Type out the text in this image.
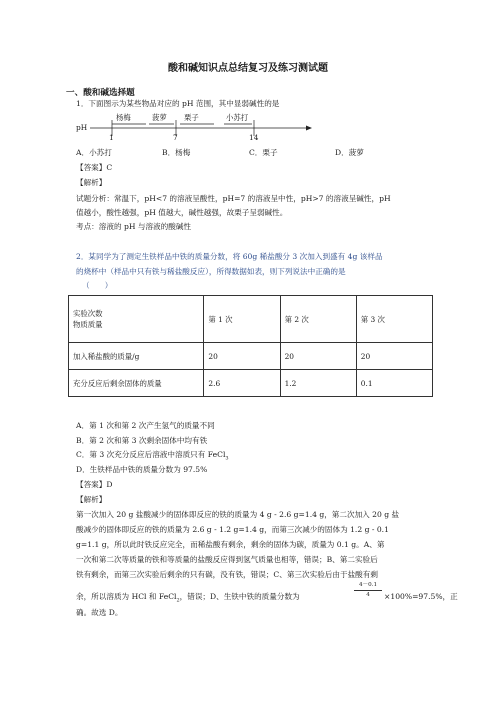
酸和碱知识点总结复习及练习测试题
一、酸和碱选择题
1．下面图示为某些物品对应的 pH 范围，其中显弱碱性的是
pH
杨梅	菠萝 栗子	小苏打
1	7	14
A．小苏打	B．杨梅	C．栗子	D．菠萝
【答案】C
【解析】
试题分析：常温下，pH<7 的溶液呈酸性，pH=7 的溶液呈中性，pH>7 的溶液呈碱性，pH
值越小，酸性越强，pH 值越大，碱性越强，故栗子呈弱碱性。
考点：溶液的 pH 与溶液的酸碱性
2．某同学为了测定生铁样品中铁的质量分数，将 60g 稀盐酸分 3 次加入到盛有 4g 该样品
的烧杯中（样品中只有铁与稀盐酸反应），所得数据如表，则下列说法中正确的是
（　　）
实验次数
物质质量	第 1 次	第 2 次	第 3 次
加入稀盐酸的质量/g	20	20	20
充分反应后剩余固体的质量	2.6	1.2	0.1
A．第 1 次和第 2 次产生氢气的质量不同
B．第 2 次和第 3 次剩余固体中均有铁
C．第 3 次充分反应后溶液中溶质只有 FeCl$_3$
D．生铁样品中铁的质量分数为 97.5%
【答案】D
【解析】
第一次加入 20 g 盐酸减少的固体即反应的铁的质量为 4 g - 2.6 g=1.4 g，第二次加入 20 g 盐
酸减少的固体即反应的铁的质量为 2.6 g - 1.2 g=1.4 g，而第三次减少的固体为 1.2 g - 0.1
g=1.1 g，所以此时铁反应完全，而稀盐酸有剩余，剩余的固体为碳，质量为 0.1 g。A、第
一次和第二次等质量的铁和等质量的盐酸反应得到氢气质量也相等，错误；B、第二实验后
铁有剩余，而第三次实验后剩余的只有碳，没有铁，错误；C、第三次实验后由于盐酸有剩
余，所以溶质为 HCl 和 FeCl$_2$，错误；D、生铁中铁的质量分数为
4－0.1
4	×100%=97.5%，正
确。故选 D。
